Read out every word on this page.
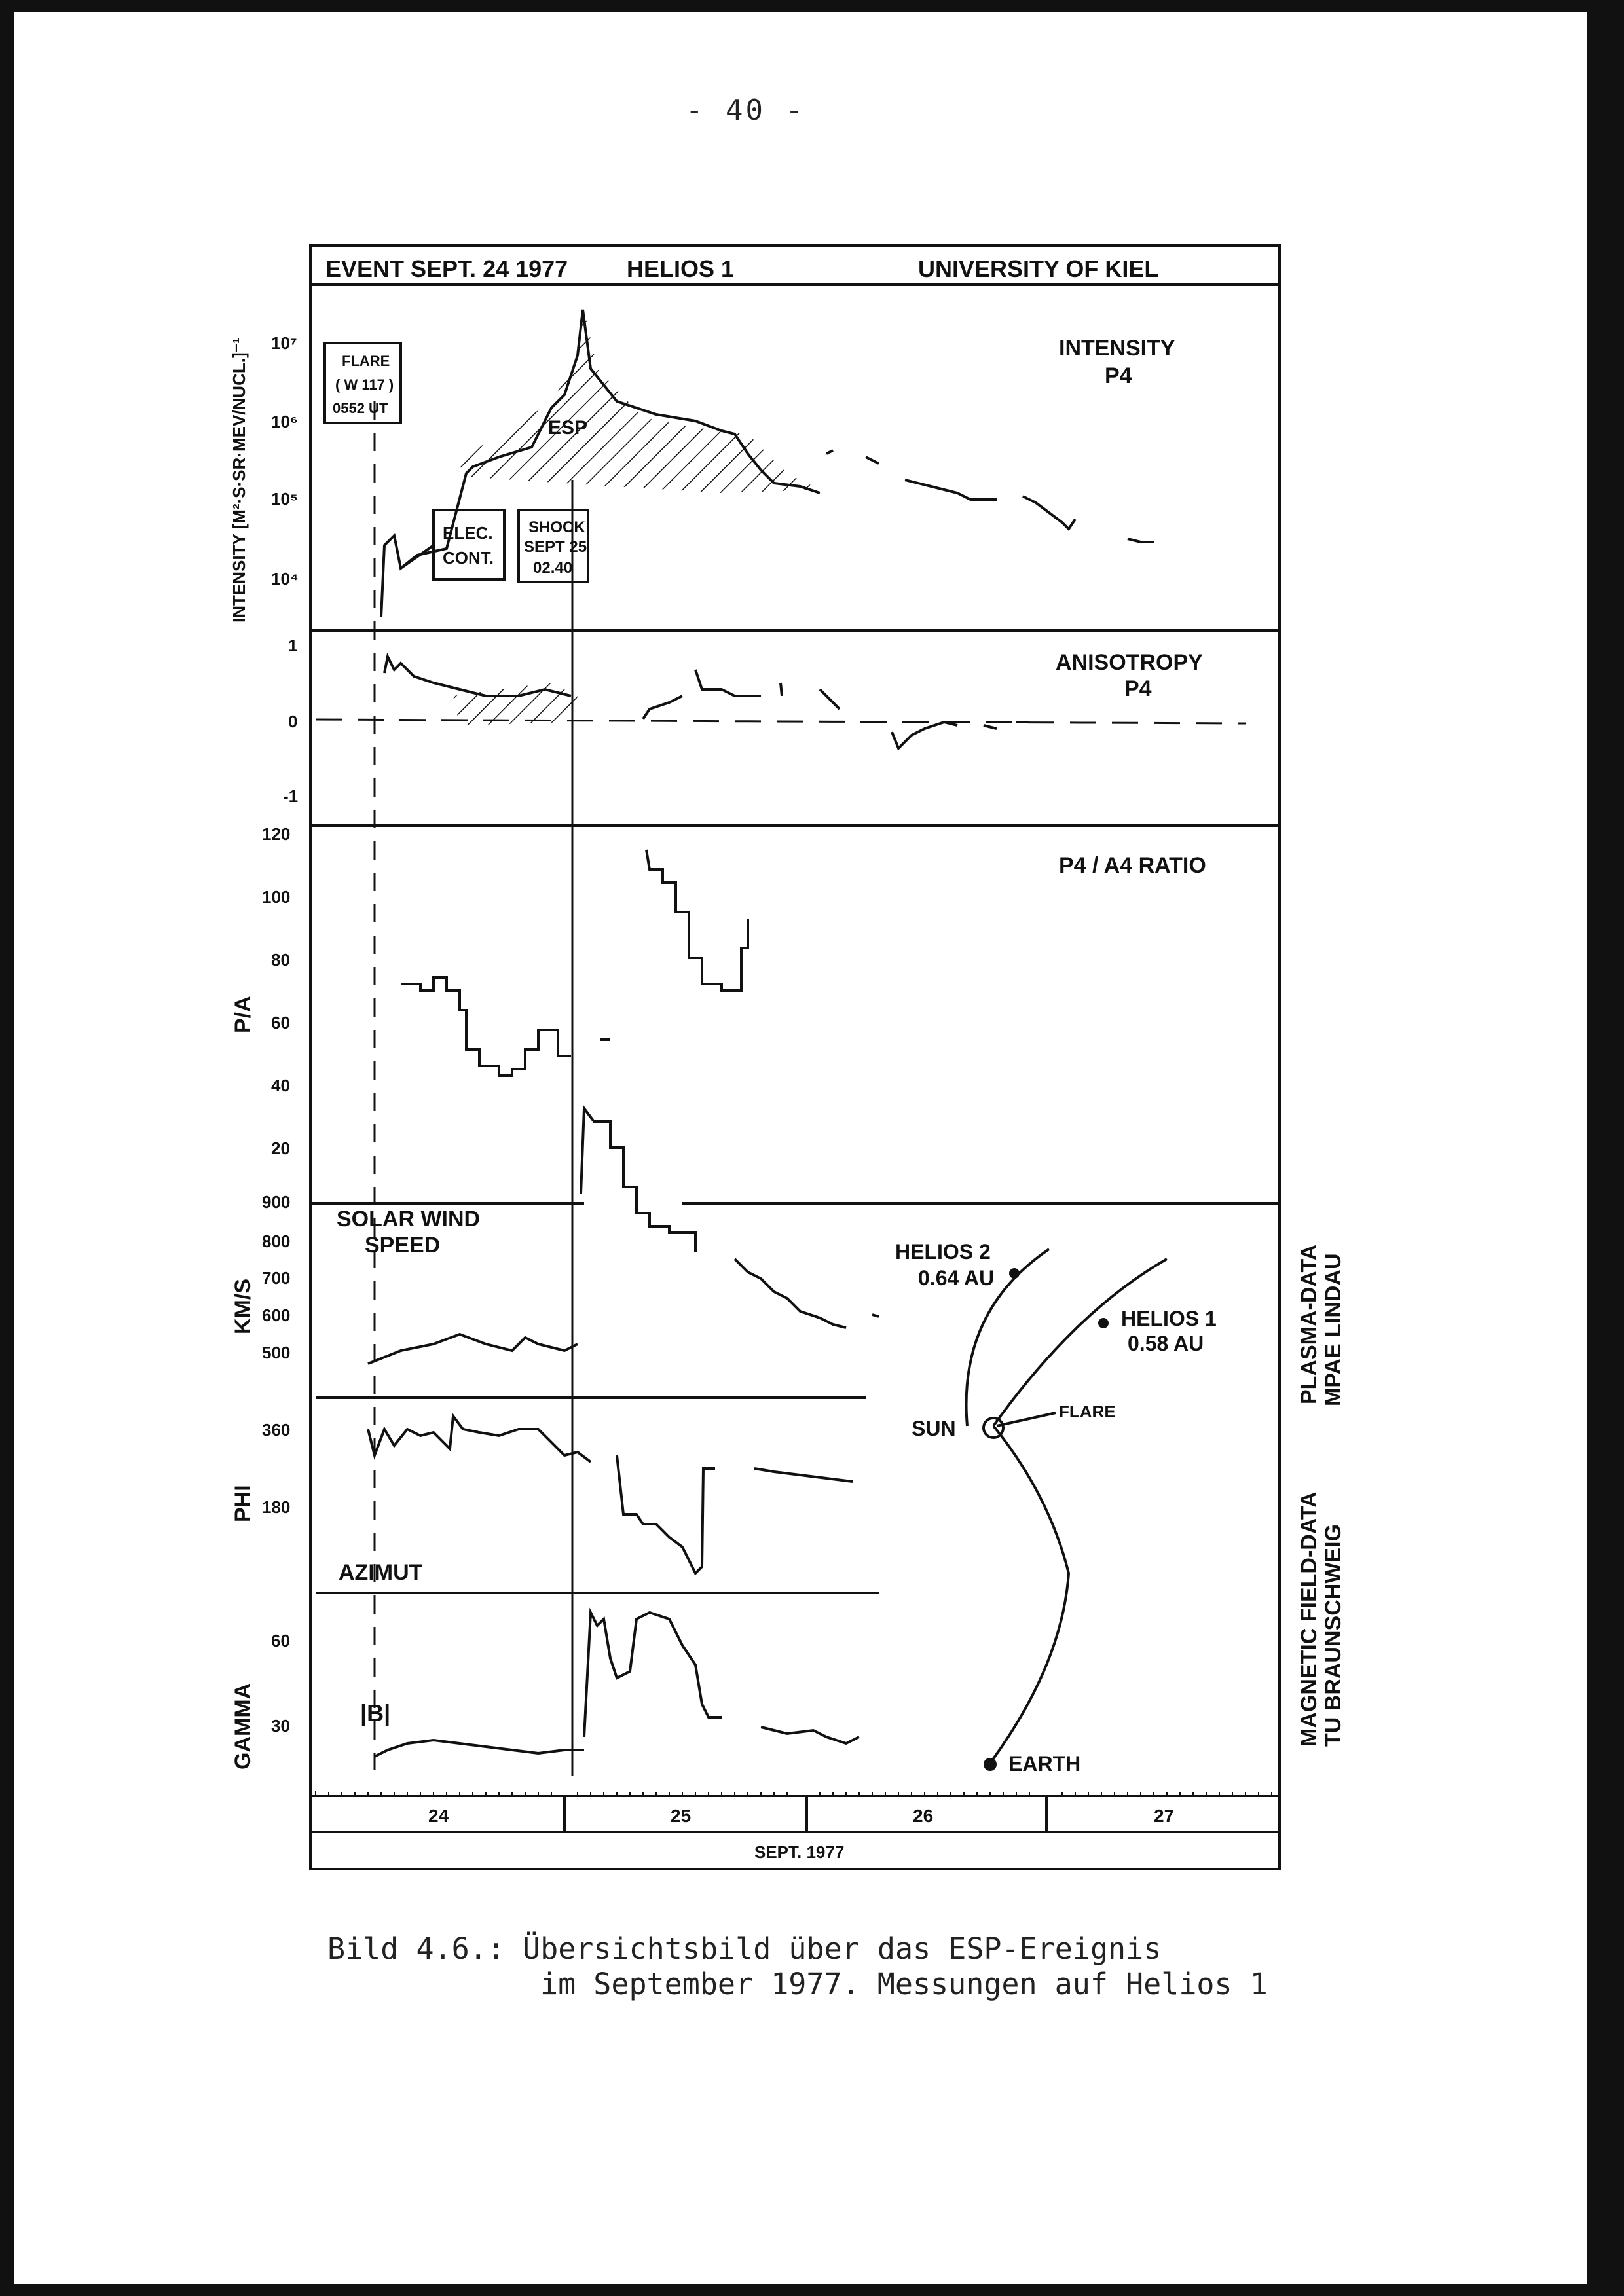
- 40 -
EVENT SEPT. 24 1977 HELIOS 1	UNIVERSITY OF KIEL
INTENSITY [M²·S·SR·MEV/NUCL.]⁻¹ 10⁷
10⁶
10⁵
10⁴
INTENSITY
P4
FLARE
( W 117 )
0552 UT
ELEC.
CONT.
SHOCK
SEPT 25
02.40
ESP
1
0
-1
ANISOTROPY
P4
P/A
120
100
80
60
40
20
P4 / A4 RATIO
KM/S
900
800
700
600
500
SOLAR WIND
SPEED
PHI
360
180
AZIMUT
GAMMA
60
30	|B|
HELIOS 2
0.64 AU
HELIOS 1
0.58 AU
FLARE
SUN
EARTH
PLASMA-DATA MPAE LINDAU
MAGNETIC FIELD-DATA TU BRAUNSCHWEIG
24	25	26	27
SEPT. 1977
Bild 4.6.: Übersichtsbild über das ESP-Ereignis
im September 1977. Messungen auf Helios 1
